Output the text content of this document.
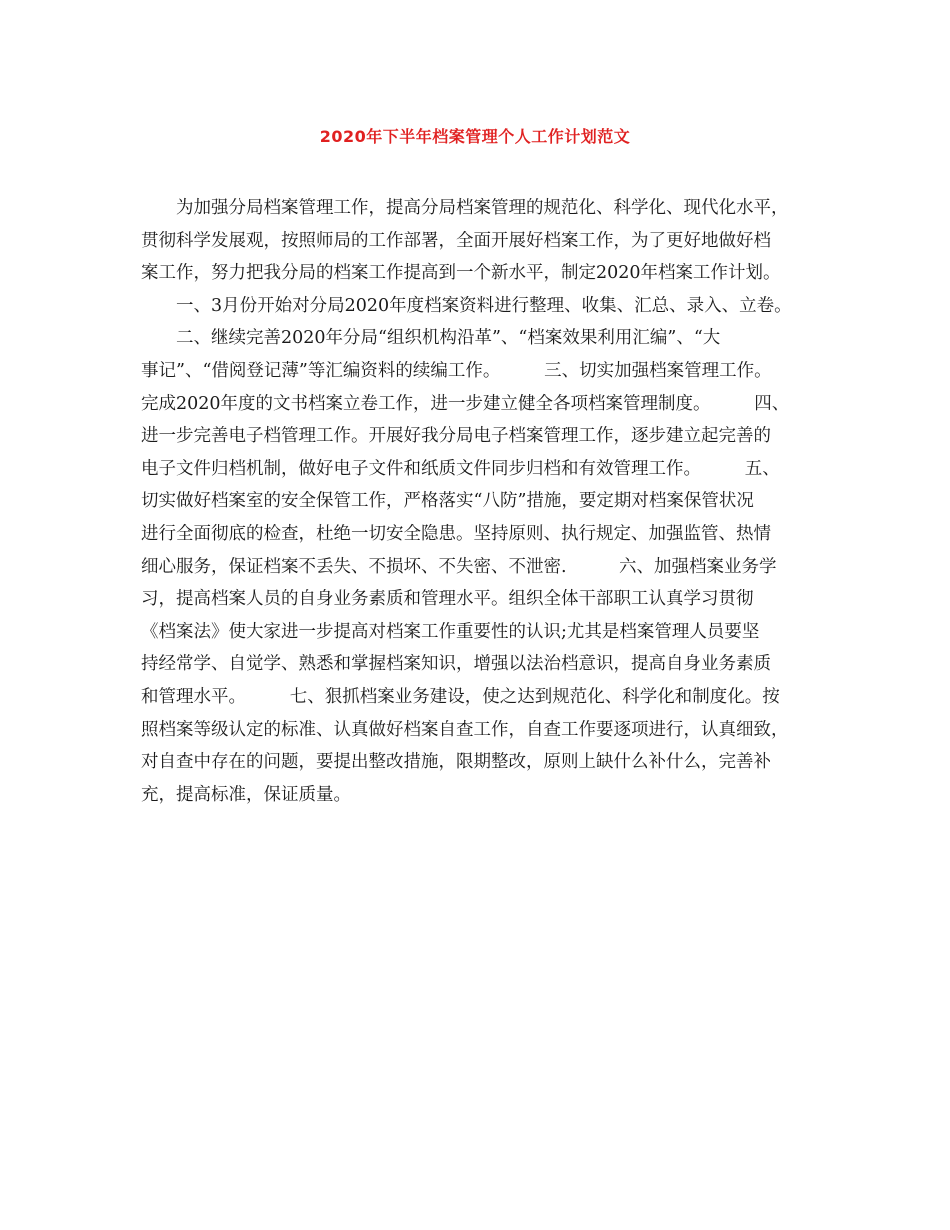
2020年下半年档案管理个人工作计划范文
为加强分局档案管理工作，提高分局档案管理的规范化、科学化、现代化水平，
贯彻科学发展观，按照师局的工作部署，全面开展好档案工作，为了更好地做好档
案工作，努力把我分局的档案工作提高到一个新水平，制定2020年档案工作计划。
一、3月份开始对分局2020年度档案资料进行整理、收集、汇总、录入、立卷。
二、继续完善2020年分局“组织机构沿革”、“档案效果利用汇编”、“大
事记”、“借阅登记薄”等汇编资料的续编工作。　　　三、切实加强档案管理工作。
完成2020年度的文书档案立卷工作，进一步建立健全各项档案管理制度。　　　四、
进一步完善电子档管理工作。开展好我分局电子档案管理工作，逐步建立起完善的
电子文件归档机制，做好电子文件和纸质文件同步归档和有效管理工作。　　　五、
切实做好档案室的安全保管工作，严格落实“八防”措施，要定期对档案保管状况
进行全面彻底的检查，杜绝一切安全隐患。坚持原则、执行规定、加强监管、热情
细心服务，保证档案不丢失、不损坏、不失密、不泄密.　　　六、加强档案业务学
习，提高档案人员的自身业务素质和管理水平。组织全体干部职工认真学习贯彻
《档案法》使大家进一步提高对档案工作重要性的认识;尤其是档案管理人员要坚
持经常学、自觉学、熟悉和掌握档案知识，增强以法治档意识，提高自身业务素质
和管理水平。　　　七、狠抓档案业务建设，使之达到规范化、科学化和制度化。按
照档案等级认定的标准、认真做好档案自查工作，自查工作要逐项进行，认真细致，
对自查中存在的问题，要提出整改措施，限期整改，原则上缺什么补什么，完善补
充，提高标准，保证质量。
